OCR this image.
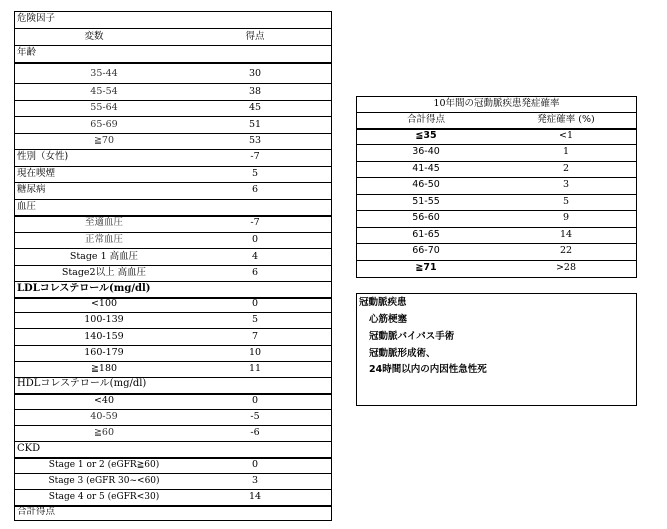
危険因子
変数	得点
年齢
35-44	30
45-54	38
55-64	45
65-69	51
≧70	53
性別（女性)	-7
現在喫煙	5
糖尿病	6
血圧
至適血圧	-7
正常血圧	0
Stage 1 高血圧	4
Stage2以上 高血圧	6
LDLコレステロール(mg/dl)
<100	0
100-139	5
140-159	7
160-179	10
≧180	11
HDLコレステロール(mg/dl)
<40	0
40-59	-5
≧60	-6
CKD
Stage 1 or 2 (eGFR≧60)	0
Stage 3 (eGFR 30~<60)	3
Stage 4 or 5 (eGFR<30)	14
合計得点
10年間の冠動脈疾患発症確率
合計得点	発症確率 (%)
≦35	<1
36-40	1
41-45	2
46-50	3
51-55	5
56-60	9
冠動脈疾患
心筋梗塞
冠動脈バイパス手術
冠動脈形成術、
24時間以内の内因性急性死
61-65	14
66-70	22
≧71	>28
